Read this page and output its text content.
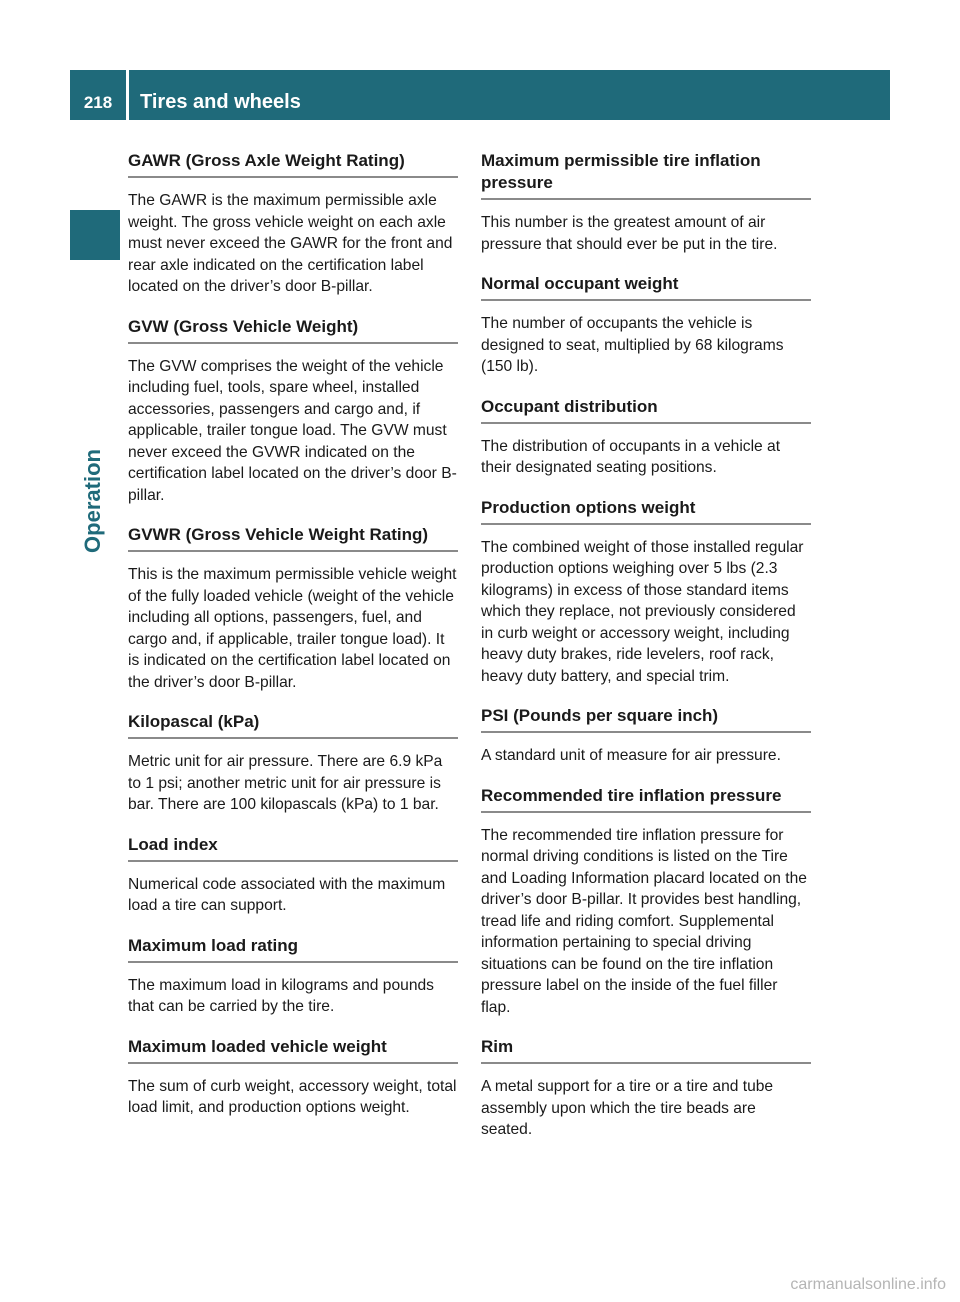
218	Tires and wheels
Operation
GAWR (Gross Axle Weight Rating)
The GAWR is the maximum permissible axle weight. The gross vehicle weight on each axle must never exceed the GAWR for the front and rear axle indicated on the certification label located on the driver’s door B-pillar.
GVW (Gross Vehicle Weight)
The GVW comprises the weight of the vehicle including fuel, tools, spare wheel, installed accessories, passengers and cargo and, if applicable, trailer tongue load. The GVW must never exceed the GVWR indicated on the certification label located on the driver’s door B-pillar.
GVWR (Gross Vehicle Weight Rating)
This is the maximum permissible vehicle weight of the fully loaded vehicle (weight of the vehicle including all options, passengers, fuel, and cargo and, if applicable, trailer tongue load). It is indicated on the certification label located on the driver’s door B-pillar.
Kilopascal (kPa)
Metric unit for air pressure. There are 6.9 kPa to 1 psi; another metric unit for air pressure is bar. There are 100 kilopascals (kPa) to 1 bar.
Load index
Numerical code associated with the maximum load a tire can support.
Maximum load rating
The maximum load in kilograms and pounds that can be carried by the tire.
Maximum loaded vehicle weight
The sum of curb weight, accessory weight, total load limit, and production options weight.
Maximum permissible tire inflation pressure
This number is the greatest amount of air pressure that should ever be put in the tire.
Normal occupant weight
The number of occupants the vehicle is designed to seat, multiplied by 68 kilograms (150 lb).
Occupant distribution
The distribution of occupants in a vehicle at their designated seating positions.
Production options weight
The combined weight of those installed regular production options weighing over 5 lbs (2.3 kilograms) in excess of those standard items which they replace, not previously considered in curb weight or accessory weight, including heavy duty brakes, ride levelers, roof rack, heavy duty battery, and special trim.
PSI (Pounds per square inch)
A standard unit of measure for air pressure.
Recommended tire inflation pressure
The recommended tire inflation pressure for normal driving conditions is listed on the Tire and Loading Information placard located on the driver’s door B-pillar. It provides best handling, tread life and riding comfort. Supplemental information pertaining to special driving situations can be found on the tire inflation pressure label on the inside of the fuel filler flap.
Rim
A metal support for a tire or a tire and tube assembly upon which the tire beads are seated.
carmanualsonline.info
